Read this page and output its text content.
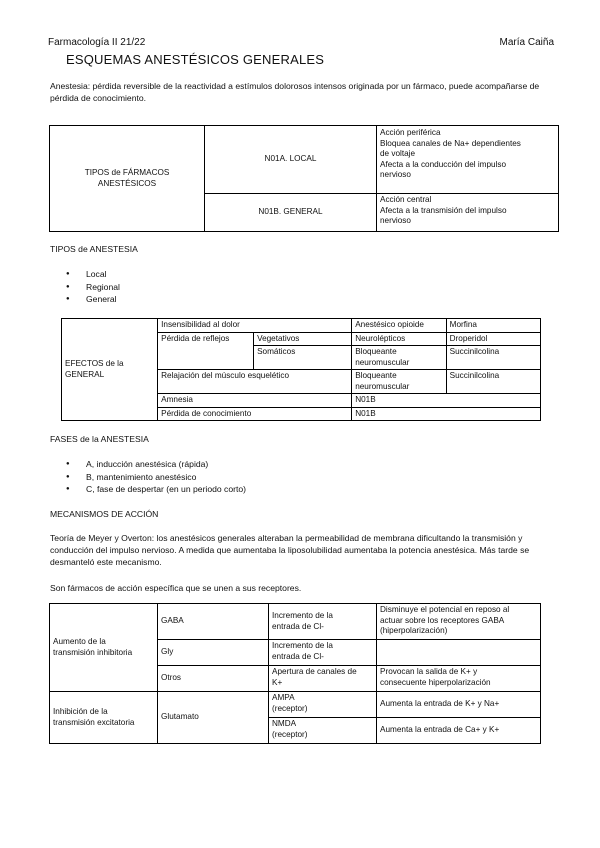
Farmacología II 21/22	María Caiña
ESQUEMAS ANESTÉSICOS GENERALES
Anestesia: pérdida reversible de la reactividad a estímulos dolorosos intensos originada por un fármaco, puede acompañarse de pérdida de conocimiento.
TIPOS de FÁRMACOS
ANESTÉSICOS	N01A. LOCAL	Acción periférica
Bloquea canales de Na+ dependientes
de voltaje
Afecta a la conducción del impulso
nervioso

	N01B. GENERAL	Acción central
Afecta a la transmisión del impulso
nervioso
TIPOS de ANESTESIA
● Local
● Regional
● General
EFECTOS de la
GENERAL	Insensibilidad al dolor		Anestésico opioide	Morfina
	Pérdida de reflejos	Vegetativos	Neurolépticos	Droperidol
		Somáticos	Bloqueante
neuromuscular	Succinilcolina
	Relajación del músculo esquelético		Bloqueante
neuromuscular	Succinilcolina
	Amnesia		N01B	
	Pérdida de conocimiento		N01B	
FASES de la ANESTESIA
● A, inducción anestésica (rápida)
● B, mantenimiento anestésico
● C, fase de despertar (en un periodo corto)
MECANISMOS DE ACCIÓN
Teoría de Meyer y Overton: los anestésicos generales alteraban la permeabilidad de membrana dificultando la transmisión y conducción del impulso nervioso. A medida que aumentaba la liposolubilidad aumentaba la potencia anestésica. Más tarde se desmanteló este mecanismo.
Son fármacos de acción específica que se unen a sus receptores.
Aumento de la
transmisión inhibitoria	GABA	Incremento de la
entrada de Cl-	Disminuye el potencial en reposo al
actuar sobre los receptores GABA
(hiperpolarización)

	Gly	Incremento de la
entrada de Cl-	

	Otros	Apertura de canales de
K+	Provocan la salida de K+ y
consecuente hiperpolarización

Inhibición de la
transmisión excitatoria	Glutamato	AMPA
(receptor)	Aumenta la entrada de K+ y Na+

		NMDA
(receptor)	Aumenta la entrada de Ca+ y K+
